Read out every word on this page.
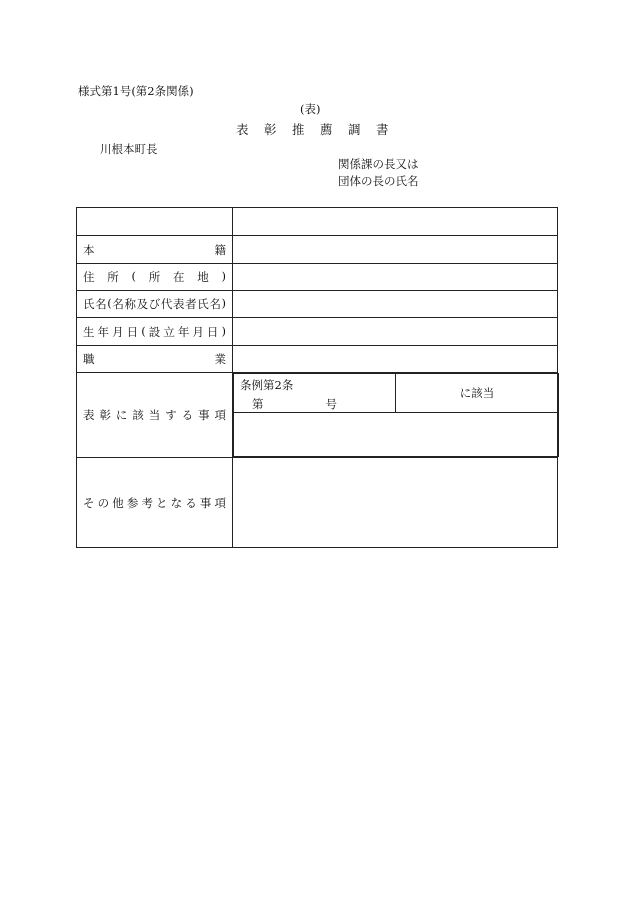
様式第1号(第2条関係)
(表)
表 彰 推 薦 調 書
川根本町長
関係課の長又は
団体の長の氏名

本	籍

住 所 ( 所 在 地 )

氏 名 ( 名 称 及 び 代 表 者 氏 名 )

生 年 月 日 ( 設 立 年 月 日 )

職	業

表 彰 に 該 当 す る 事 項

条例第2条
第	号
	に該当

そ の 他 参 考 と な る 事 項
